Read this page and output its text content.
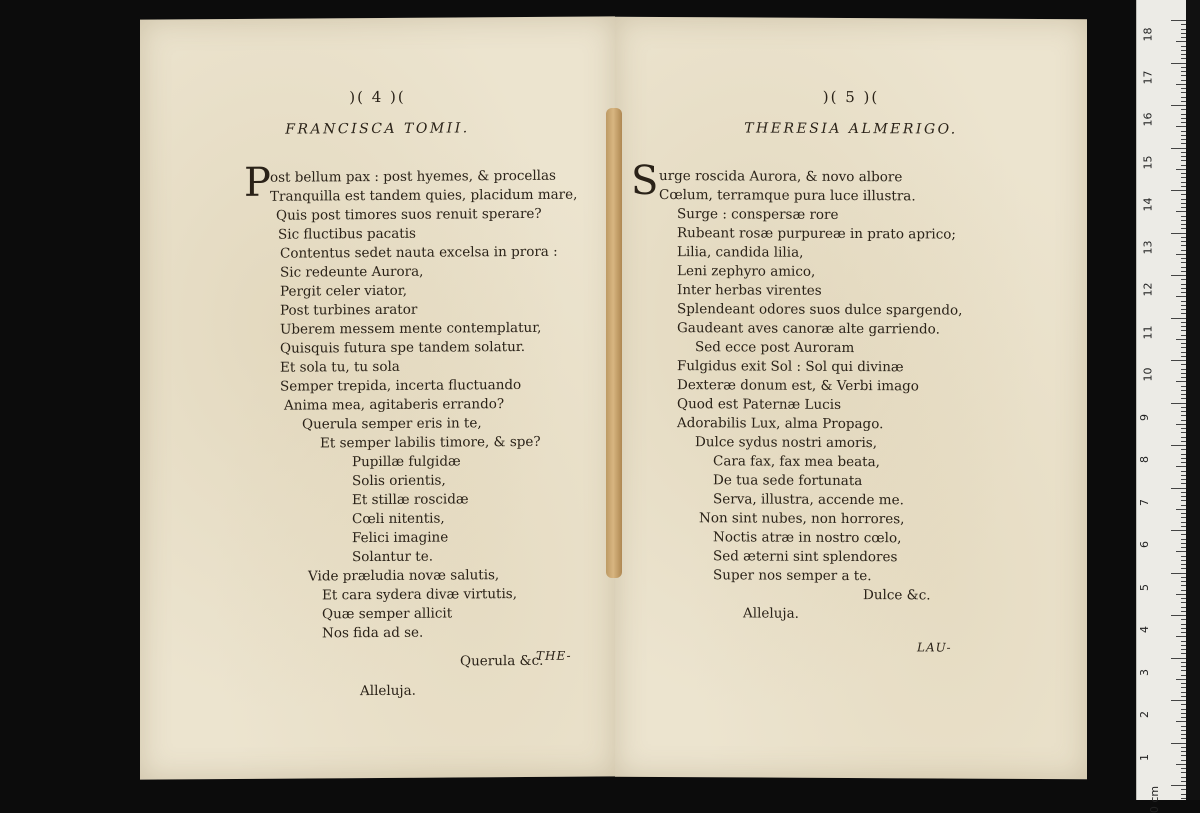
)( 4 )(
FRANCISCA TOMII.
P ost bellum pax : post hyemes, & procellas
Tranquilla est tandem quies, placidum mare,
Quis post timores suos renuit sperare?
Sic fluctibus pacatis
Contentus sedet nauta excelsa in prora :
Sic redeunte Aurora,
Pergit celer viator,
Post turbines arator
Uberem messem mente contemplatur,
Quisquis futura spe tandem solatur.
Et sola tu, tu sola
Semper trepida, incerta fluctuando
Anima mea, agitaberis errando?
Querula semper eris in te,
Et semper labilis timore, & spe?
Pupillæ fulgidæ
Solis orientis,
Et stillæ roscidæ
Cœli nitentis,
Felici imagine
Solantur te.
Vide præludia novæ salutis,
Et cara sydera divæ virtutis,
Quæ semper allicit
Nos fida ad se.
Querula &c.
Alleluja.
THE-
)( 5 )(
THERESIA ALMERIGO.
S urge roscida Aurora, & novo albore
Cœlum, terramque pura luce illustra.
Surge : conspersæ rore
Rubeant rosæ purpureæ in prato aprico;
Lilia, candida lilia,
Leni zephyro amico,
Inter herbas virentes
Splendeant odores suos dulce spargendo,
Gaudeant aves canoræ alte garriendo.
Sed ecce post Auroram
Fulgidus exit Sol : Sol qui divinæ
Dexteræ donum est, & Verbi imago
Quod est Paternæ Lucis
Adorabilis Lux, alma Propago.
Dulce sydus nostri amoris,
Cara fax, fax mea beata,
De tua sede fortunata
Serva, illustra, accende me.
Non sint nubes, non horrores,
Noctis atræ in nostro cœlo,
Sed æterni sint splendores
Super nos semper a te.
Dulce &c.
Alleluja.
LAU-
18
17
16
15
14
13
12
11
10
9
8
7
6
5
4
3
2
1
0 cm
